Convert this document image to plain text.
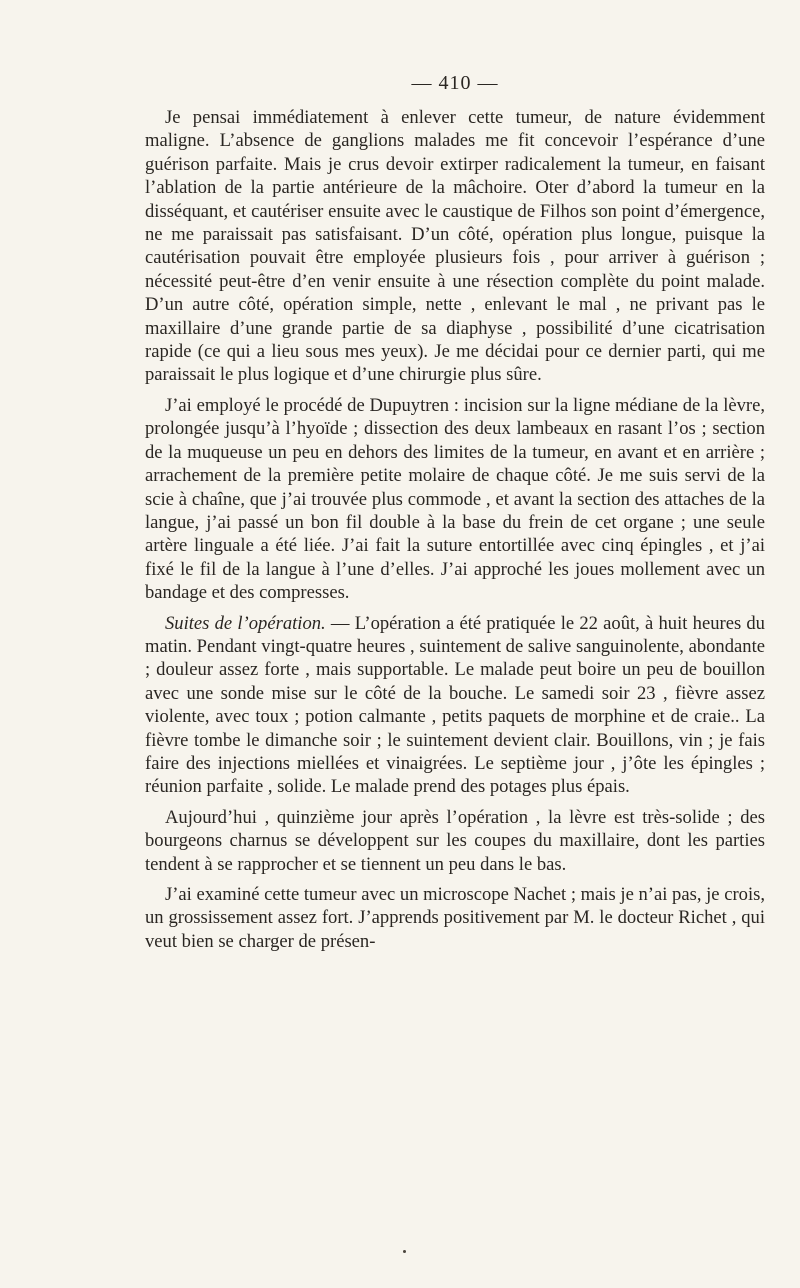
— 410 —

Je pensai immédiatement à enlever cette tumeur, de nature évidemment maligne. L’absence de ganglions malades me fit concevoir l’espérance d’une guérison parfaite. Mais je crus devoir extirper radicalement la tumeur, en faisant l’ablation de la partie antérieure de la mâchoire. Oter d’abord la tumeur en la disséquant, et cautériser ensuite avec le caustique de Filhos son point d’émergence, ne me paraissait pas satisfaisant. D’un côté, opération plus longue, puisque la cautérisation pouvait être employée plusieurs fois , pour arriver à guérison ; nécessité peut-être d’en venir ensuite à une résection complète du point malade. D’un autre côté, opération simple, nette , enlevant le mal , ne privant pas le maxillaire d’une grande partie de sa diaphyse , possibilité d’une cicatrisation rapide (ce qui a lieu sous mes yeux). Je me décidai pour ce dernier parti, qui me paraissait le plus logique et d’une chirurgie plus sûre.

J’ai employé le procédé de Dupuytren : incision sur la ligne médiane de la lèvre, prolongée jusqu’à l’hyoïde ; dissection des deux lambeaux en rasant l’os ; section de la muqueuse un peu en dehors des limites de la tumeur, en avant et en arrière ; arrachement de la première petite molaire de chaque côté. Je me suis servi de la scie à chaîne, que j’ai trouvée plus commode , et avant la section des attaches de la langue, j’ai passé un bon fil double à la base du frein de cet organe ; une seule artère linguale a été liée. J’ai fait la suture entortillée avec cinq épingles , et j’ai fixé le fil de la langue à l’une d’elles. J’ai approché les joues mollement avec un bandage et des compresses.

Suites de l’opération. — L’opération a été pratiquée le 22 août, à huit heures du matin. Pendant vingt-quatre heures , suintement de salive sanguinolente, abondante ; douleur assez forte , mais supportable. Le malade peut boire un peu de bouillon avec une sonde mise sur le côté de la bouche. Le samedi soir 23 , fièvre assez violente, avec toux ; potion calmante , petits paquets de morphine et de craie.. La fièvre tombe le dimanche soir ; le suintement devient clair. Bouillons, vin ; je fais faire des injections miellées et vinaigrées. Le septième jour , j’ôte les épingles ; réunion parfaite , solide. Le malade prend des potages plus épais.

Aujourd’hui , quinzième jour après l’opération , la lèvre est très-solide ; des bourgeons charnus se développent sur les coupes du maxillaire, dont les parties tendent à se rapprocher et se tiennent un peu dans le bas.

J’ai examiné cette tumeur avec un microscope Nachet ; mais je n’ai pas, je crois, un grossissement assez fort. J’apprends positivement par M. le docteur Richet , qui veut bien se charger de présen-
